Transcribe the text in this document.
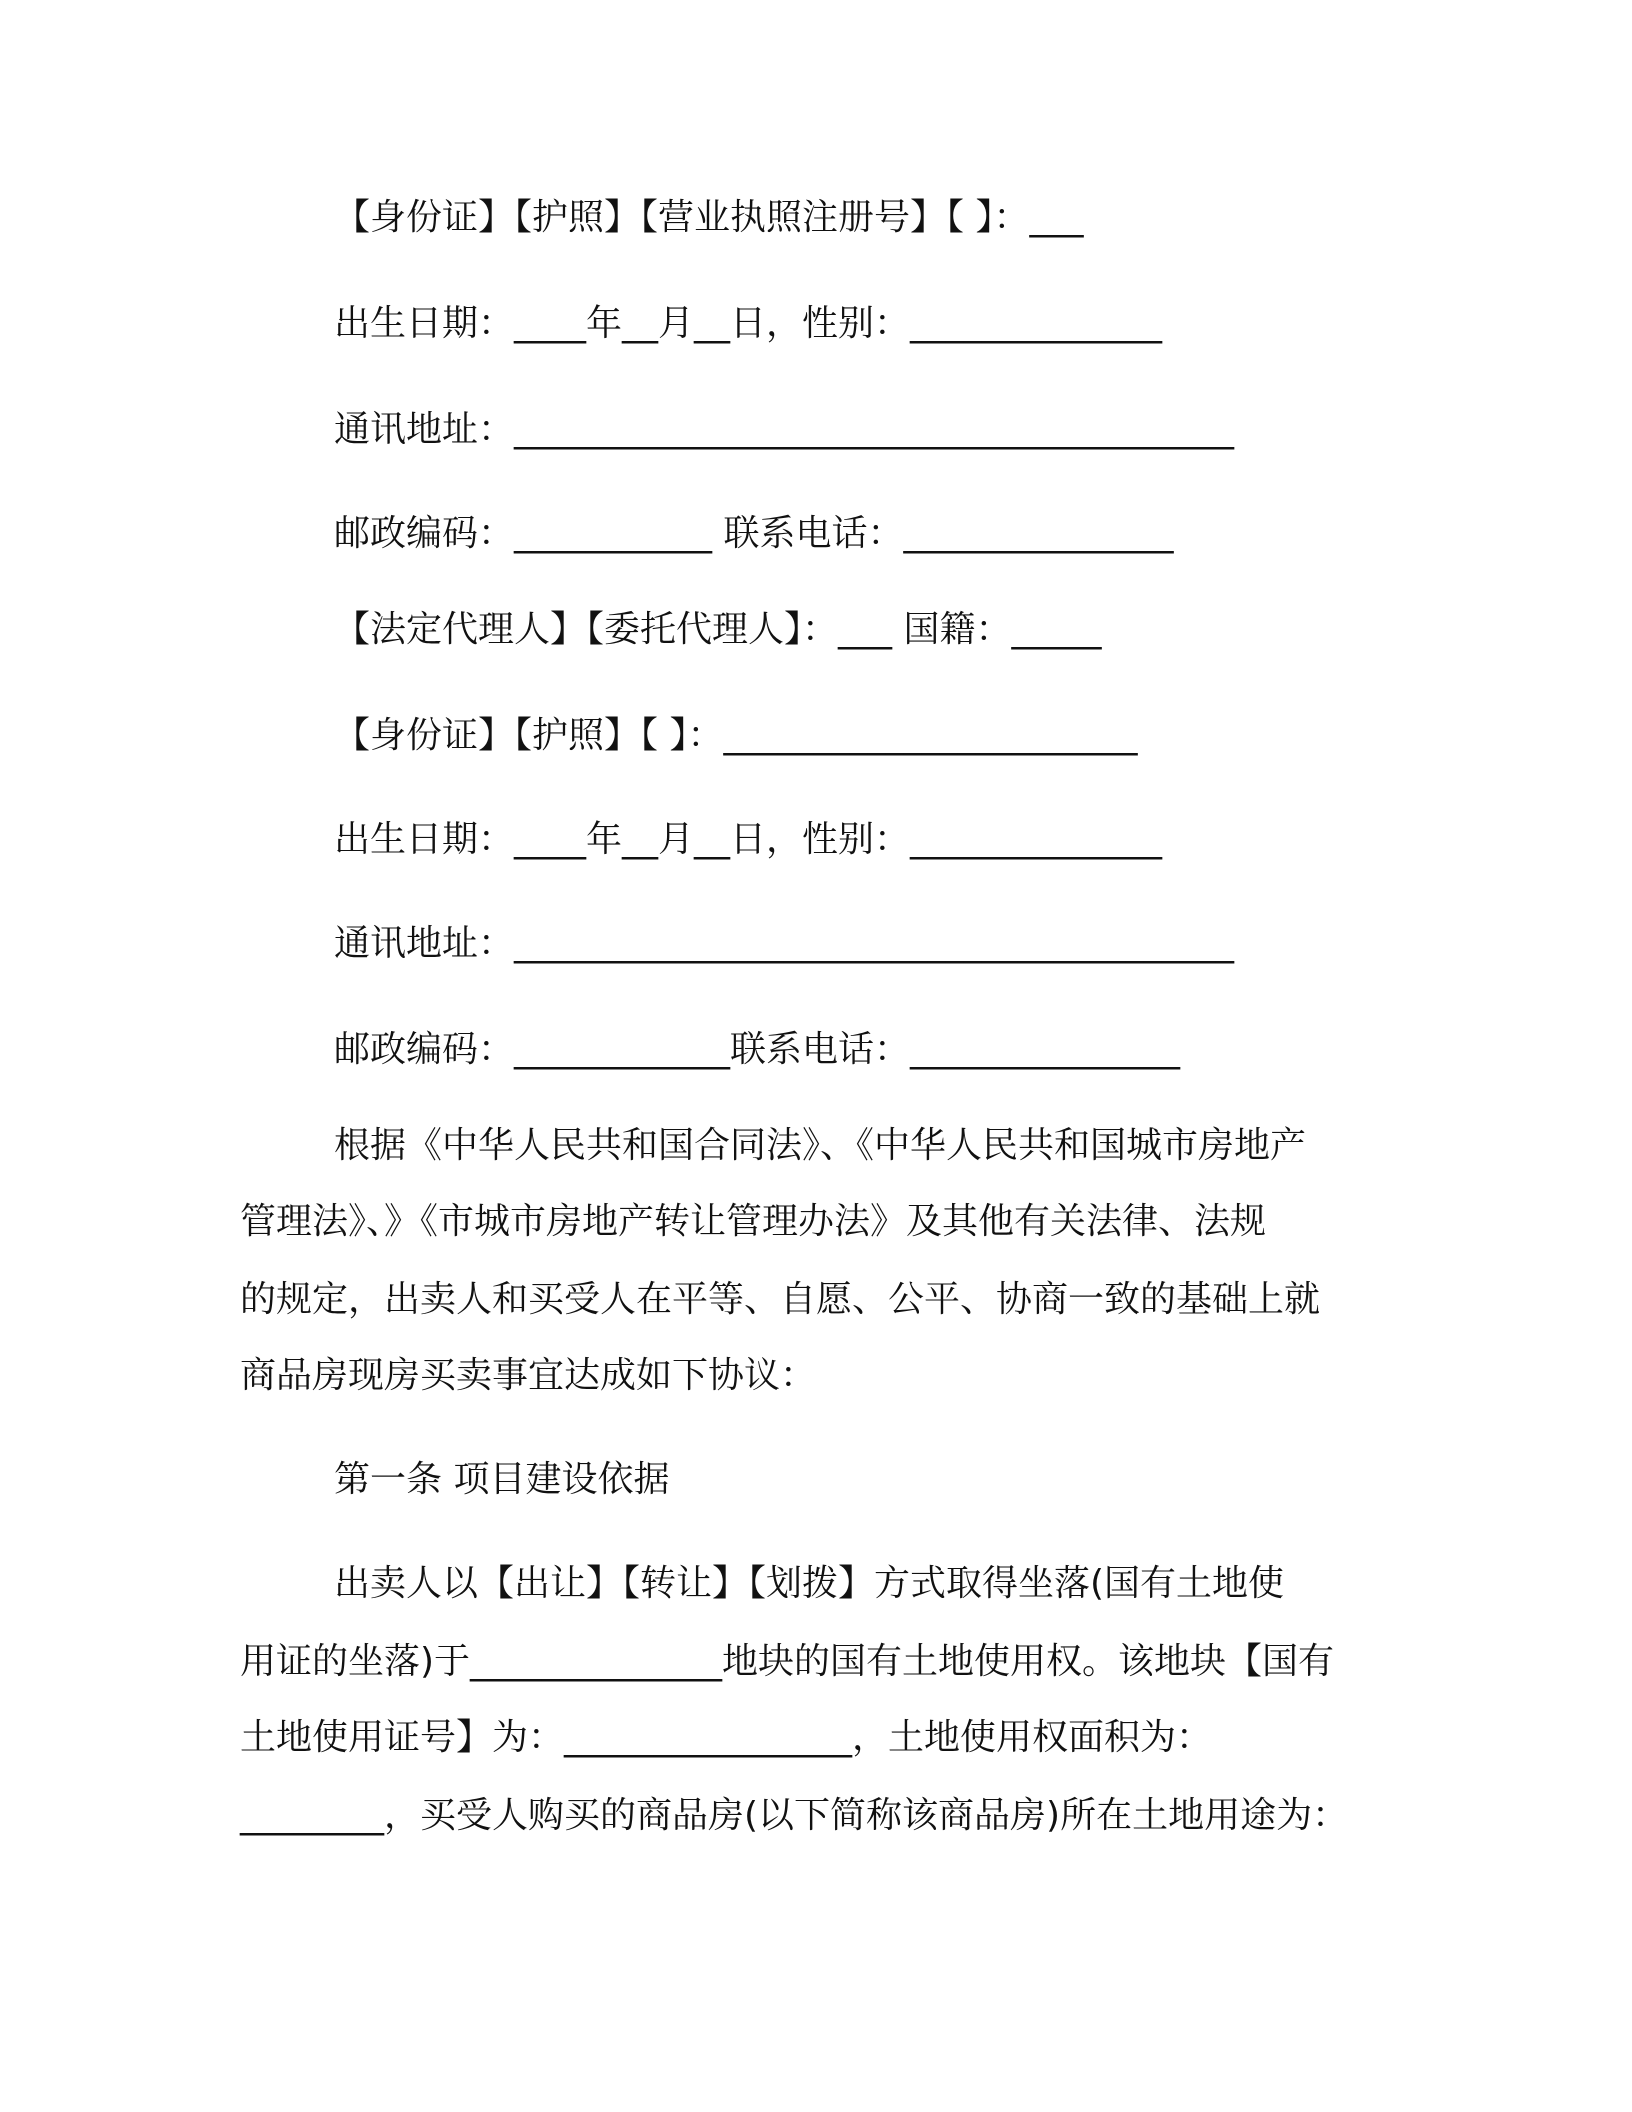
【身份证】【护照】【营业执照注册号】【 】：___
出生日期：____年__月__日，性别：______________
通讯地址：________________________________________
邮政编码：___________ 联系电话：_______________
【法定代理人】【委托代理人】：___ 国籍：_____
【身份证】【护照】【 】：_______________________
出生日期：____年__月__日，性别：______________
通讯地址：________________________________________
邮政编码：____________联系电话：_______________
根据《中华人民共和国合同法》、《中华人民共和国城市房地产
管理法》、》《市城市房地产转让管理办法》及其他有关法律、法规
的规定，出卖人和买受人在平等、自愿、公平、协商一致的基础上就
商品房现房买卖事宜达成如下协议：
第一条 项目建设依据
出卖人以【出让】【转让】【划拨】方式取得坐落(国有土地使
用证的坐落)于______________地块的国有土地使用权。该地块【国有
土地使用证号】为：________________，土地使用权面积为：
________，买受人购买的商品房(以下简称该商品房)所在土地用途为：
